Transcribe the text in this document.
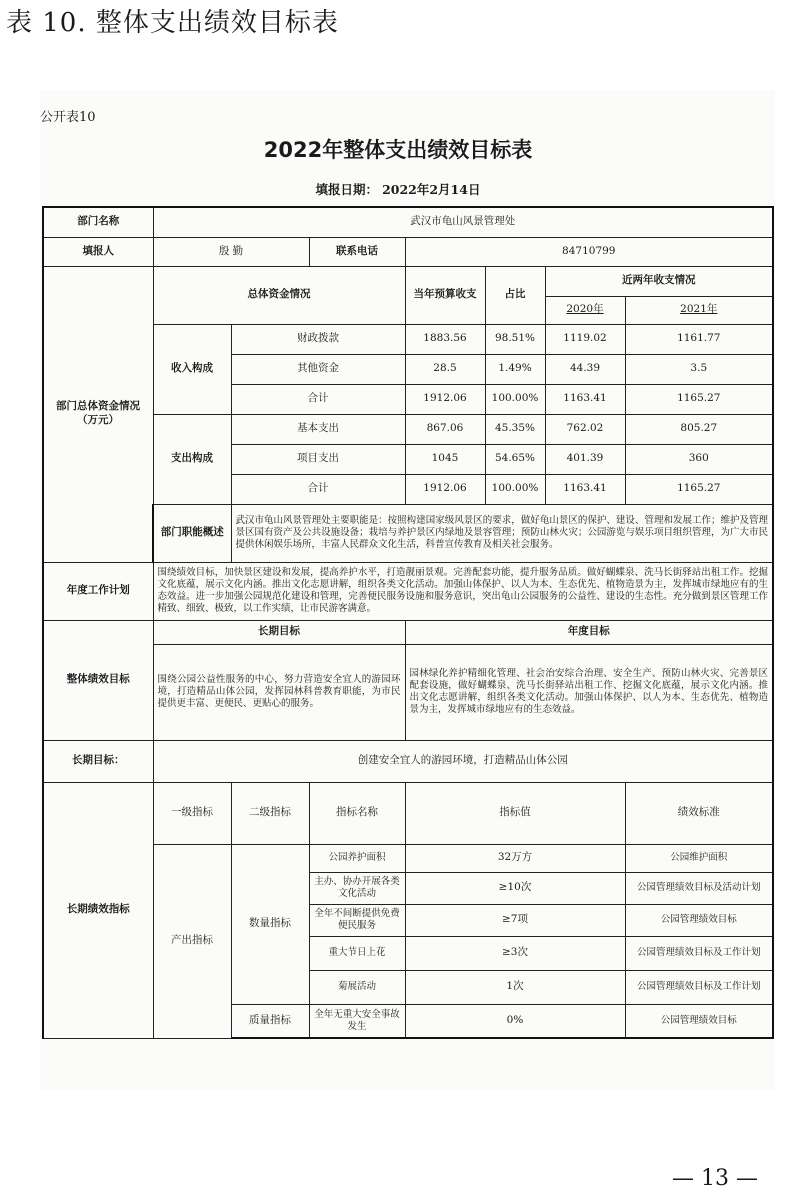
表 10. 整体支出绩效目标表
公开表10
2022年整体支出绩效目标表
填报日期： 2022年2月14日
部门名称	武汉市龟山风景管理处						
填报人	殷 勤		联系电话	84710799			

部门总体资金情况
（万元）	总体资金情况			当年预算收支	占比	近两年收支情况	
						2020年	2021年
	收入构成	财政拨款		1883.56	98.51%	1119.02	1161.77
		其他资金		28.5	1.49%	44.39	3.5
		合计		1912.06	100.00%	1163.41	1165.27
	支出构成	基本支出		867.06	45.35%	762.02	805.27
		项目支出		1045	54.65%	401.39	360
		合计		1912.06	100.00%	1163.41	1165.27
	部门职能概述	武汉市龟山风景管理处主要职能是：按照构建国家级风景区的要求，做好龟山景区的保护、建设、管理和发展工作；维护及管理景区国有资产及公共设施设备；栽培与养护景区内绿地及景容管理；预防山林火灾；公园游览与娱乐项目组织管理，为广大市民提供休闲娱乐场所，丰富人民群众文化生活，科普宣传教育及相关社会服务。					
年度工作计划	围绕绩效目标，加快景区建设和发展，提高养护水平，打造靓丽景观。完善配套功能，提升服务品质。做好蝴蝶泉、洗马长街驿站出租工作。挖掘文化底蕴，展示文化内涵。推出文化志愿讲解，组织各类文化活动。加强山体保护、以人为本、生态优先、植物造景为主，发挥城市绿地应有的生态效益。进一步加强公园规范化建设和管理，完善便民服务设施和服务意识，突出龟山公园服务的公益性、建设的生态性。充分做到景区管理工作精致、细致、极致，以工作实绩，让市民游客满意。						
整体绩效目标	长期目标			年度目标			
	围绕公园公益性服务的中心，努力营造安全宜人的游园环境，打造精品山体公园，发挥园林科普教育职能，为市民提供更丰富、更便民、更贴心的服务。			园林绿化养护精细化管理、社会治安综合治理、安全生产、预防山林火灾、完善景区配套设施，做好蝴蝶泉、洗马长街驿站出租工作、挖掘文化底蕴，展示文化内涵。推出文化志愿讲解，组织各类文化活动。加强山体保护、以人为本、生态优先、植物造景为主，发挥城市绿地应有的生态效益。			
长期目标：	创建安全宜人的游园环境，打造精品山体公园						
长期绩效指标	一级指标	二级指标	指标名称	指标值			绩效标准
	产出指标	数量指标	公园养护面积	32万方			公园维护面积
			主办、协办开展各类文化活动	≥10次			公园管理绩效目标及活动计划
			全年不间断提供免费便民服务	≥7项			公园管理绩效目标
			重大节日上花	≥3次			公园管理绩效目标及工作计划
			菊展活动	1次			公园管理绩效目标及工作计划
		质量指标	全年无重大安全事故发生	0%			公园管理绩效目标
— 13 —
